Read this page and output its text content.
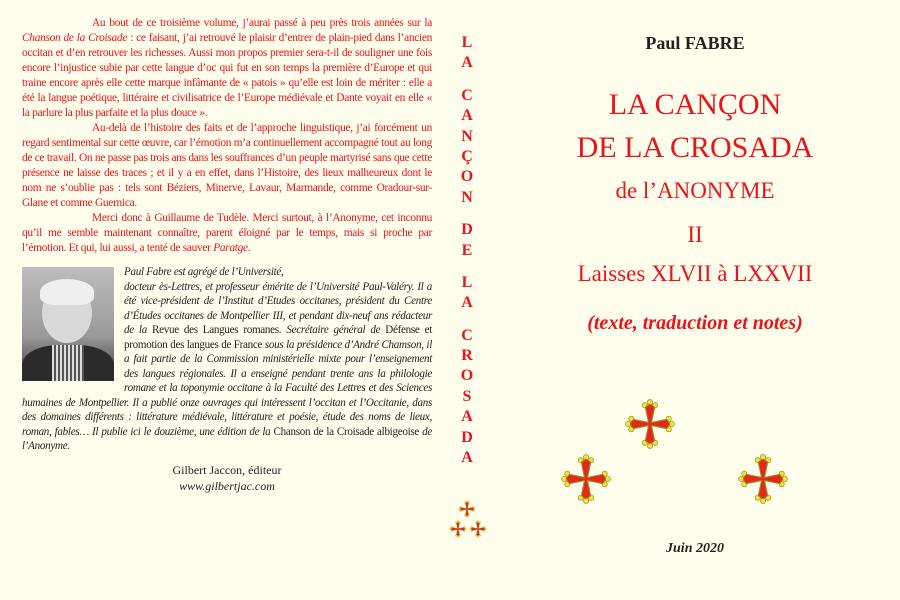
Au bout de ce troisième volume, j’aurai passé à peu près trois années sur la Chanson de la Croisade : ce faisant, j’ai retrouvé le plaisir d’entrer de plain-pied dans l’ancien occitan et d’en retrouver les richesses. Aussi mon propos premier sera-t-il de souligner une fois encore l’injustice subie par cette langue d’oc qui fut en son temps la première d’Europe et qui traine encore après elle cette marque infâmante de « patois » qu’elle est loin de mériter : elle a été la langue poétique, littéraire et civilisatrice de l’Europe médiévale et Dante voyait en elle « la parlure la plus parfaite et la plus douce ».

Au-delà de l’histoire des faits et de l’approche linguistique, j’ai forcément un regard sentimental sur cette œuvre, car l’émotion m’a continuellement accompagné tout au long de ce travail. On ne passe pas trois ans dans les souffrances d’un peuple martyrisé sans que cette présence ne laisse des traces ; et il y a en effet, dans l’Histoire, des lieux malheureux dont le nom ne s’oublie pas : tels sont Béziers, Minerve, Lavaur, Marmande, comme Oradour-sur-Glane et comme Guernica.

Merci donc à Guillaume de Tudèle. Merci surtout, à l’Anonyme, cet inconnu qu’il me semble maintenant connaître, parent éloigné par le temps, mais si proche par l’émotion. Et qui, lui aussi, a tenté de sauver Paratge.

Paul Fabre est agrégé de l’Université,
docteur ès-Lettres, et professeur émérite de l’Université Paul-Valéry. Il a été vice-président de l’Institut d’Etudes occitanes, président du Centre d’Études occitanes de Montpellier III, et pendant dix-neuf ans rédacteur de la Revue des Langues romanes. Secrétaire général de Défense et promotion des langues de France sous la présidence d’André Chamson, il a fait partie de la Commission ministérielle mixte pour l’enseignement des langues régionales. Il a enseigné pendant trente ans la philologie romane et la toponymie occitane à la Faculté des Lettres et des Sciences humaines de Montpellier. Il a publié onze ouvrages qui intéressent l’occitan et l’Occitanie, dans des domaines différents : littérature médiévale, littérature et poésie, étude des noms de lieux, roman, fables… Il publie ici le douzième, une édition de la Chanson de la Croisade albigeoise de l’Anonyme.
Gilbert Jaccon, éditeur
www.gilbertjac.com
L
A
C
A
N
Ç
O
N
D
E
L
A
C
R
O
S
A
D
A
Paul FABRE
LA CANÇON
DE LA CROSADA
de l’ANONYME
II
Laisses XLVII à LXXVII
(texte, traduction et notes)
Juin 2020
